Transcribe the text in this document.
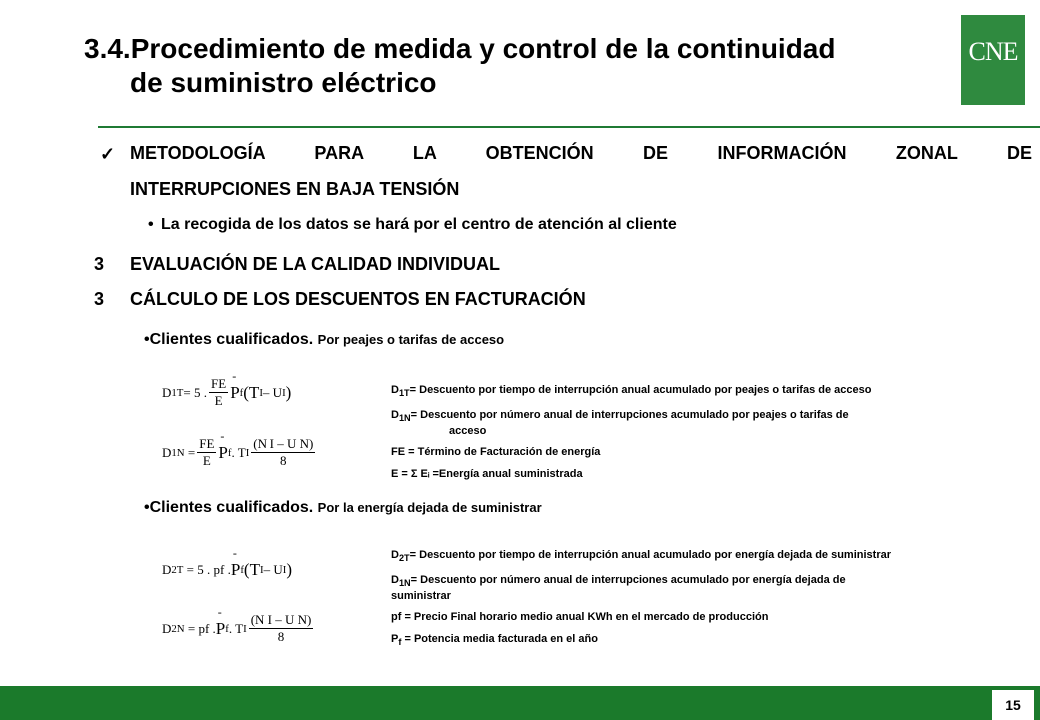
3.4.Procedimiento de medida y control de la continuidad
de suministro eléctrico
CNE
✓ METODOLOGÍA PARA LA OBTENCIÓN DE INFORMACIÓN ZONAL DE
INTERRUPCIONES EN BAJA TENSIÓN
• La recogida de los datos se hará por el centro de atención al cliente
3 EVALUACIÓN DE LA CALIDAD INDIVIDUAL
3 CÁLCULO DE LOS DESCUENTOS EN FACTURACIÓN
•Clientes cualificados. Por peajes o tarifas de acceso
D 1T = 5 . $\frac{FE}{E}$ - P f (T I – U I )
D 1N
= $\frac{FE}{E}$ - P f . T I $\frac{\text{(N I – U N)}}{8}$
$D_{1T}=$ Descuento por tiempo de interrupción anual acumulado por peajes o tarifas de acceso
$D_{1N}=$ Descuento por número anual de interrupciones acumulado por peajes o tarifas de
acceso
FE = Término de Facturación de energía
E = Σ Eᵢ =Energía anual suministrada
•Clientes cualificados. Por la energía dejada de suministrar
D 2T
= 5 . pf . - P f (T I – U I )
D 2N
= pf . - P f . T I $\frac{\text{(N I – U N)}}{8}$
$D_{2T}=$ Descuento por tiempo de interrupción anual acumulado por energía dejada de suministrar
$D_{1N}=$ Descuento por número anual de interrupciones acumulado por energía dejada de
suministrar
pf = Precio Final horario medio anual KWh en el mercado de producción
$P_f$ = Potencia media facturada en el año
15
